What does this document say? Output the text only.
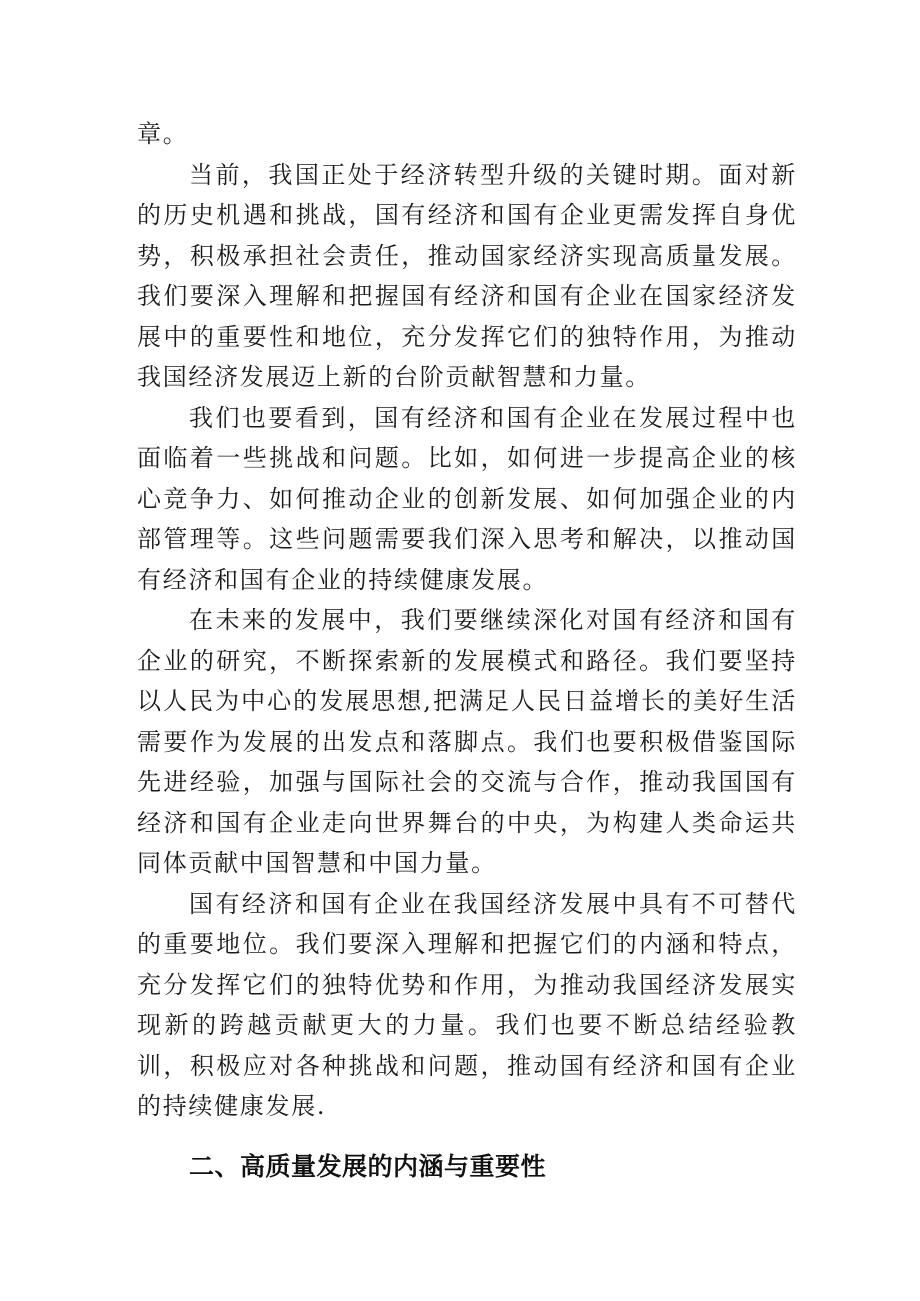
章。

当前，我国正处于经济转型升级的关键时期。面对新的历史机遇和挑战，国有经济和国有企业更需发挥自身优势，积极承担社会责任，推动国家经济实现高质量发展。我们要深入理解和把握国有经济和国有企业在国家经济发展中的重要性和地位，充分发挥它们的独特作用，为推动我国经济发展迈上新的台阶贡献智慧和力量。

我们也要看到，国有经济和国有企业在发展过程中也面临着一些挑战和问题。比如，如何进一步提高企业的核心竞争力、如何推动企业的创新发展、如何加强企业的内部管理等。这些问题需要我们深入思考和解决，以推动国有经济和国有企业的持续健康发展。

在未来的发展中，我们要继续深化对国有经济和国有企业的研究，不断探索新的发展模式和路径。我们要坚持以人民为中心的发展思想,把满足人民日益增长的美好生活需要作为发展的出发点和落脚点。我们也要积极借鉴国际先进经验，加强与国际社会的交流与合作，推动我国国有经济和国有企业走向世界舞台的中央，为构建人类命运共同体贡献中国智慧和中国力量。

国有经济和国有企业在我国经济发展中具有不可替代的重要地位。我们要深入理解和把握它们的内涵和特点，充分发挥它们的独特优势和作用，为推动我国经济发展实现新的跨越贡献更大的力量。我们也要不断总结经验教训，积极应对各种挑战和问题，推动国有经济和国有企业的持续健康发展.

二、高质量发展的内涵与重要性
